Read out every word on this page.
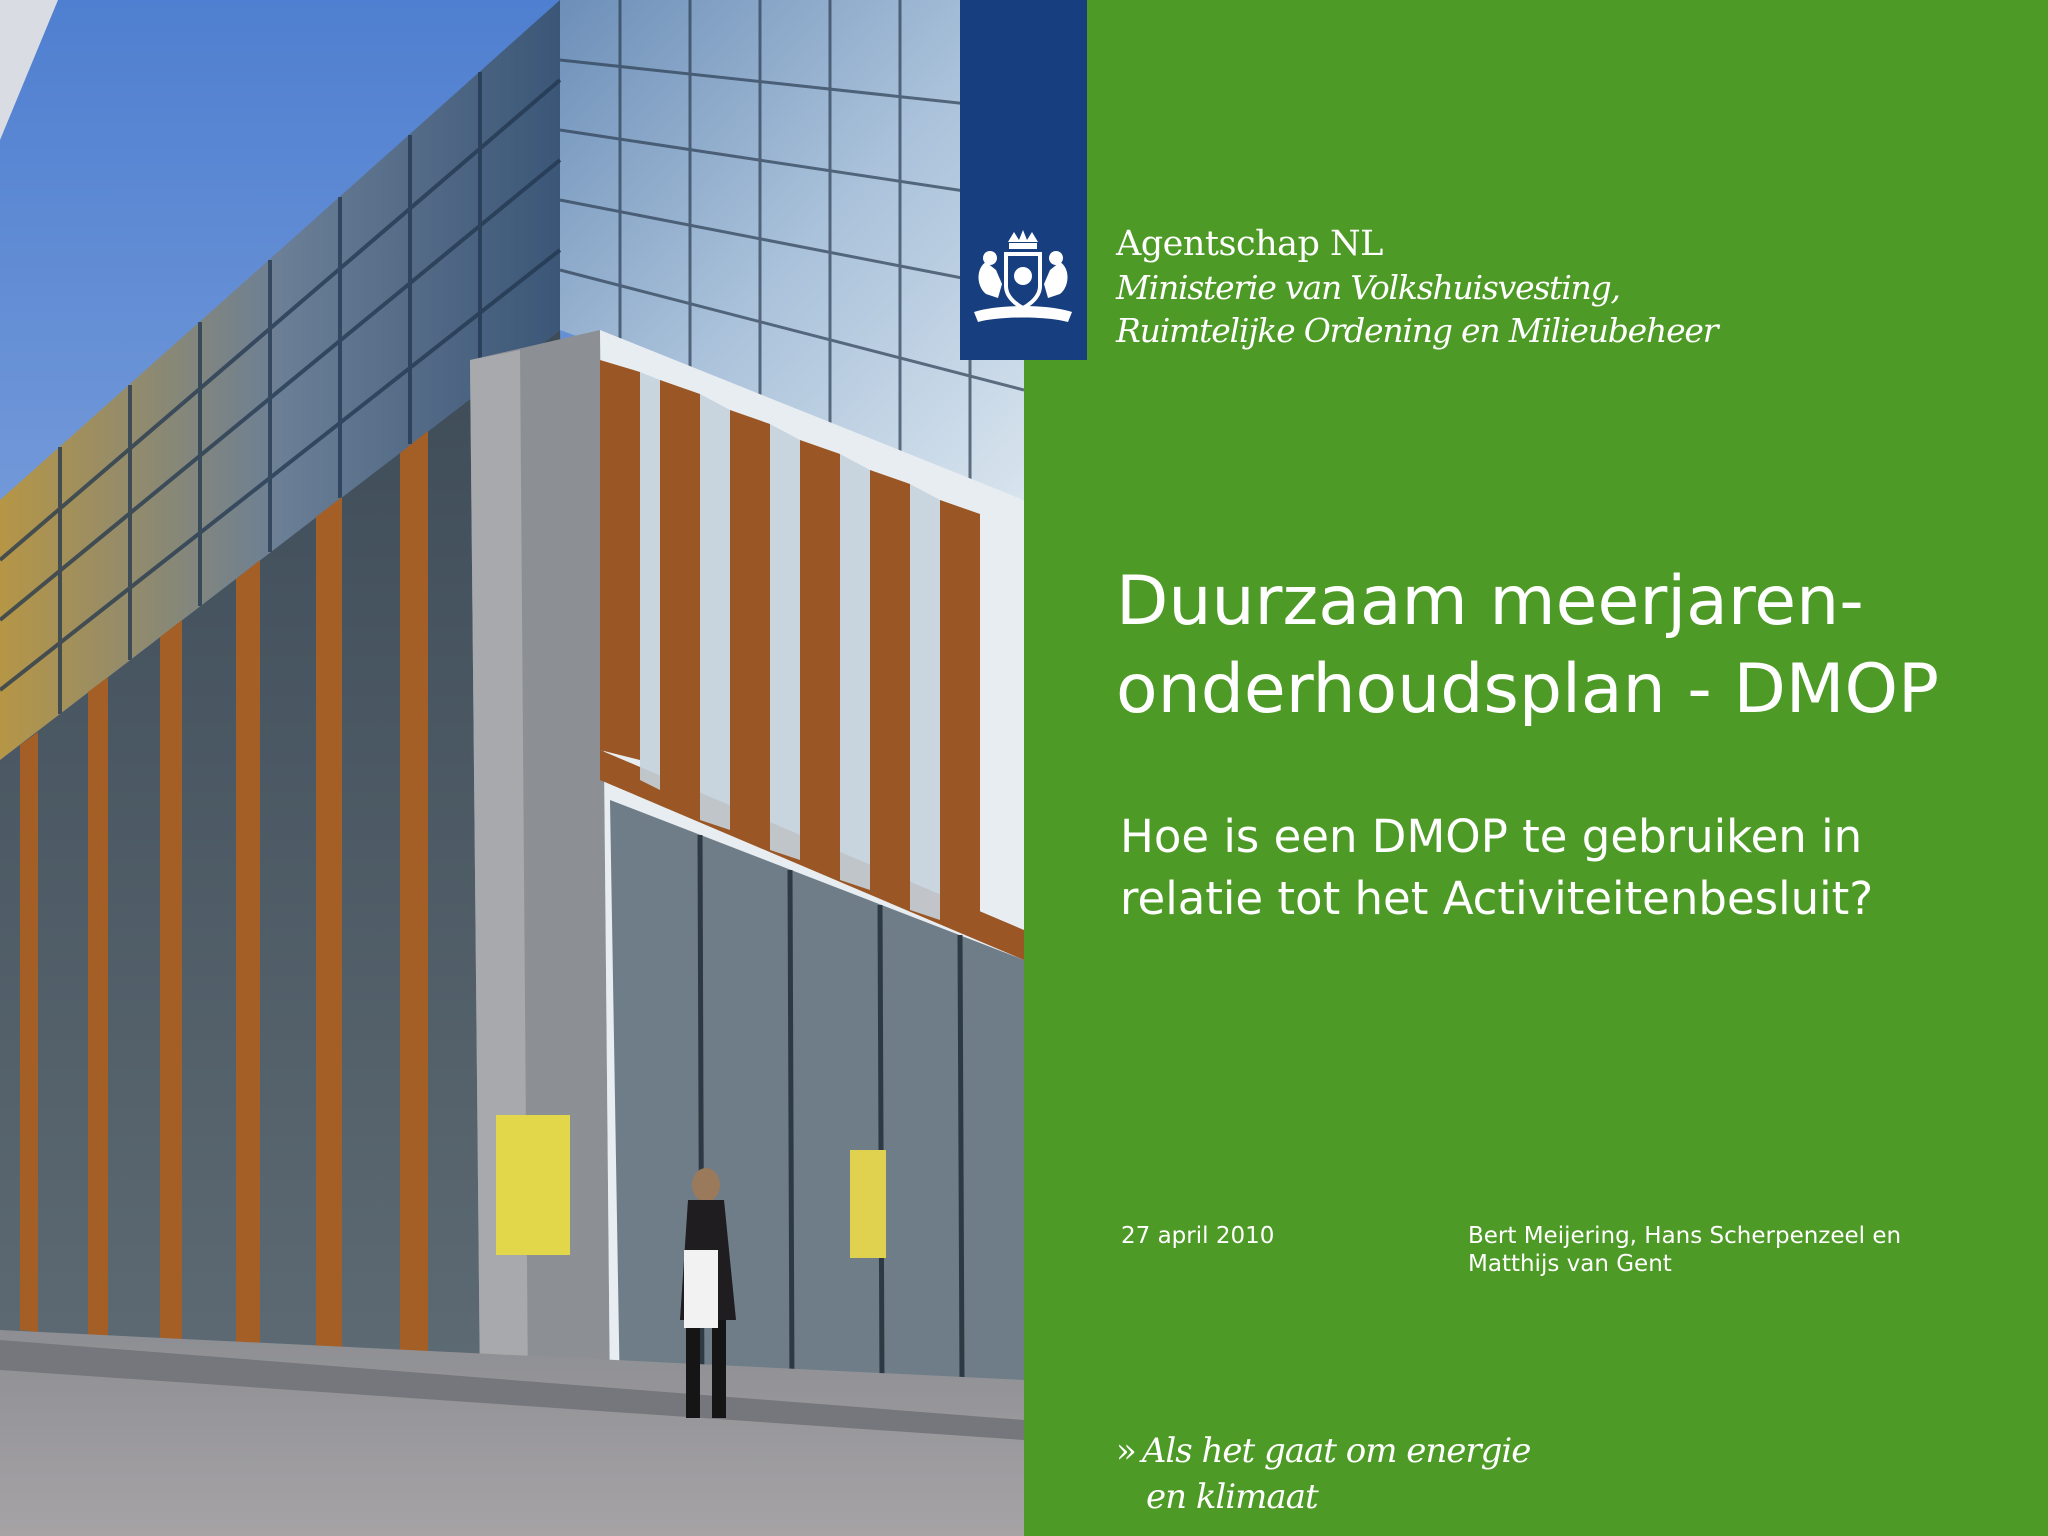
Agentschap NL
Ministerie van Volkshuisvesting,
Ruimtelijke Ordening en Milieubeheer
Duurzaam meerjaren-
onderhoudsplan - DMOP
Hoe is een DMOP te gebruiken in
relatie tot het Activiteitenbesluit?
27 april 2010	Bert Meijering, Hans Scherpenzeel en
Matthijs van Gent
» Als het gaat om energie
en klimaat
